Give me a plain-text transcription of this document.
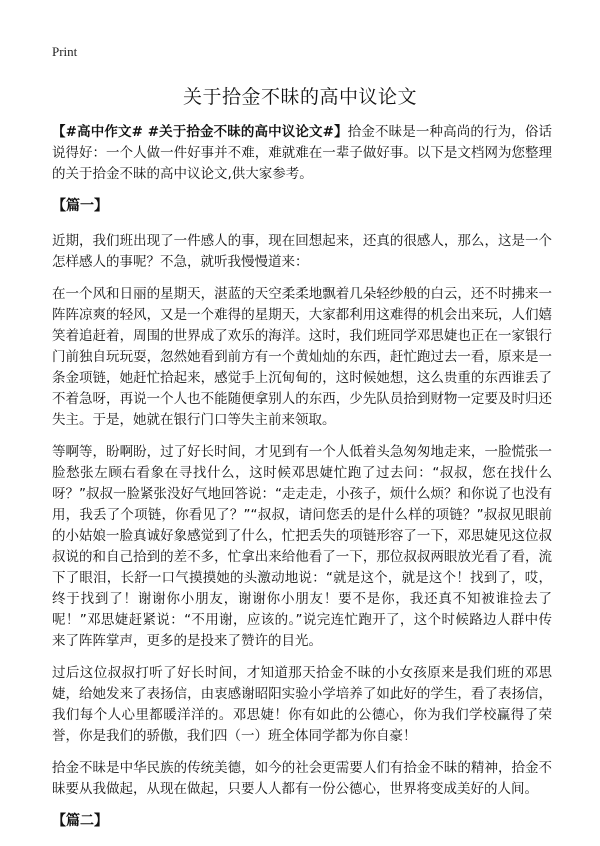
Print
关于拾金不昧的高中议论文

【#高中作文# #关于拾金不昧的高中议论文#】拾金不昧是一种高尚的行为，俗话说得好：一个人做一件好事并不难，难就难在一辈子做好事。以下是文档网为您整理的关于拾金不昧的高中议论文,供大家参考。

【篇一】

近期，我们班出现了一件感人的事，现在回想起来，还真的很感人，那么，这是一个怎样感人的事呢？不急，就听我慢慢道来：

在一个风和日丽的星期天，湛蓝的天空柔柔地飘着几朵轻纱般的白云，还不时拂来一阵阵凉爽的轻风，又是一个难得的星期天，大家都利用这难得的机会出来玩，人们嬉笑着追赶着，周围的世界成了欢乐的海洋。这时，我们班同学邓思婕也正在一家银行门前独自玩玩耍，忽然她看到前方有一个黄灿灿的东西，赶忙跑过去一看，原来是一条金项链，她赶忙拾起来，感觉手上沉甸甸的，这时候她想，这么贵重的东西谁丢了不着急呀，再说一个人也不能随便拿别人的东西，少先队员拾到财物一定要及时归还失主。于是，她就在银行门口等失主前来领取。

等啊等，盼啊盼，过了好长时间，才见到有一个人低着头急匆匆地走来，一脸慌张一脸愁张左顾右看象在寻找什么，这时候邓思婕忙跑了过去问：“叔叔，您在找什么呀？”叔叔一脸紧张没好气地回答说：“走走走，小孩子，烦什么烦？和你说了也没有用，我丢了个项链，你看见了？”“叔叔，请问您丢的是什么样的项链？”叔叔见眼前的小姑娘一脸真诚好象感觉到了什么，忙把丢失的项链形容了一下，邓思婕见这位叔叔说的和自己拾到的差不多，忙拿出来给他看了一下，那位叔叔两眼放光看了看，流下了眼泪，长舒一口气摸摸她的头激动地说：“就是这个，就是这个！找到了，哎，终于找到了！谢谢你小朋友，谢谢你小朋友！要不是你，我还真不知被谁捡去了呢！”邓思婕赶紧说：“不用谢，应该的。”说完连忙跑开了，这个时候路边人群中传来了阵阵掌声，更多的是投来了赞许的目光。

过后这位叔叔打听了好长时间，才知道那天拾金不昧的小女孩原来是我们班的邓思婕，给她发来了表扬信，由衷感谢昭阳实验小学培养了如此好的学生，看了表扬信，我们每个人心里都暖洋洋的。邓思婕！你有如此的公德心，你为我们学校赢得了荣誉，你是我们的骄傲，我们四（一）班全体同学都为你自豪！

拾金不昧是中华民族的传统美德，如今的社会更需要人们有拾金不昧的精神，拾金不昧要从我做起，从现在做起，只要人人都有一份公德心，世界将变成美好的人间。

【篇二】
